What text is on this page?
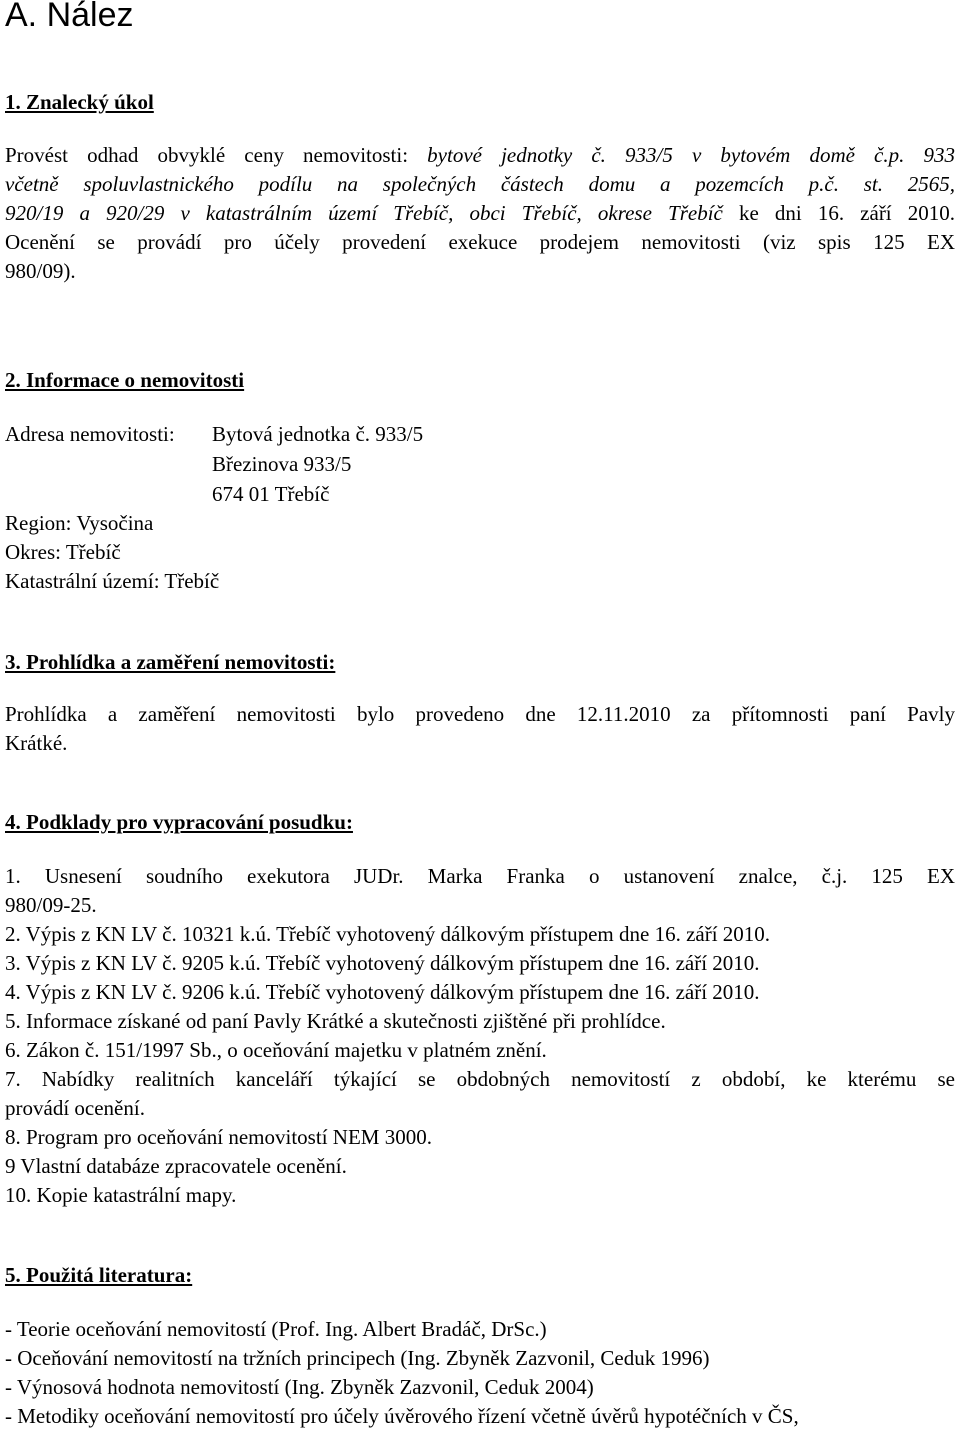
A. Nález
1. Znalecký úkol
Provést odhad obvyklé ceny nemovitosti: bytové jednotky č. 933/5 v bytovém domě č.p. 933
včetně spoluvlastnického podílu na společných částech domu a pozemcích p.č. st. 2565,
920/19 a 920/29 v katastrálním území Třebíč, obci Třebíč, okrese Třebíč ke dni 16. září 2010.
Ocenění se provádí pro účely provedení exekuce prodejem nemovitosti (viz spis 125 EX
980/09).
2. Informace o nemovitosti
Adresa nemovitosti:	Bytová jednotka č. 933/5
Březinova 933/5
674 01 Třebíč
Region: Vysočina
Okres: Třebíč
Katastrální území: Třebíč
3. Prohlídka a zaměření nemovitosti:
Prohlídka a zaměření nemovitosti bylo provedeno dne 12.11.2010 za přítomnosti paní Pavly
Krátké.
4. Podklady pro vypracování posudku:
1. Usnesení soudního exekutora JUDr. Marka Franka o ustanovení znalce, č.j. 125 EX
980/09-25.
2. Výpis z KN LV č. 10321 k.ú. Třebíč vyhotovený dálkovým přístupem dne 16. září 2010.
3. Výpis z KN LV č. 9205 k.ú. Třebíč vyhotovený dálkovým přístupem dne 16. září 2010.
4. Výpis z KN LV č. 9206 k.ú. Třebíč vyhotovený dálkovým přístupem dne 16. září 2010.
5. Informace získané od paní Pavly Krátké a skutečnosti zjištěné při prohlídce.
6. Zákon č. 151/1997 Sb., o oceňování majetku v platném znění.
7. Nabídky realitních kanceláří týkající se obdobných nemovitostí z období, ke kterému se
provádí ocenění.
8. Program pro oceňování nemovitostí NEM 3000.
9 Vlastní databáze zpracovatele ocenění.
10. Kopie katastrální mapy.
5. Použitá literatura:
- Teorie oceňování nemovitostí (Prof. Ing. Albert Bradáč, DrSc.)
- Oceňování nemovitostí na tržních principech (Ing. Zbyněk Zazvonil, Ceduk 1996)
- Výnosová hodnota nemovitostí (Ing. Zbyněk Zazvonil, Ceduk 2004)
- Metodiky oceňování nemovitostí pro účely úvěrového řízení včetně úvěrů hypotéčních v ČS,
